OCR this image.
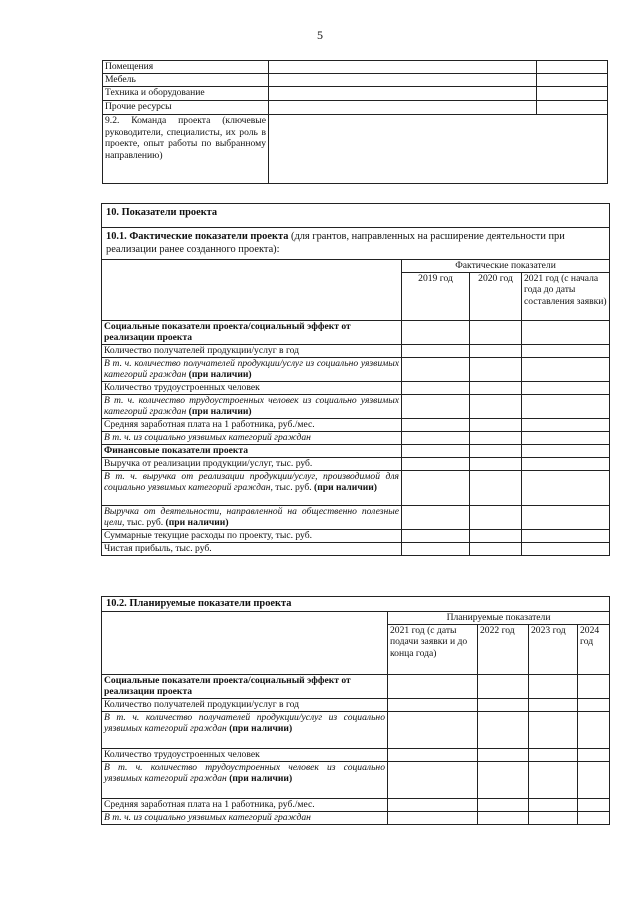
5
Помещения		
Мебель		
Техника и оборудование		
Прочие ресурсы		
9.2. Команда проекта (ключевые руководители, специалисты, их роль в проекте, опыт работы по выбранному направлению)		
10. Показатели проекта			
10.1. Фактические показатели проекта (для грантов, направленных на расширение деятельности при реализации ранее созданного проекта):			
	Фактические показатели		
	2019 год	2020 год	2021 год (с начала года до даты составления заявки)
Социальные показатели проекта/социальный эффект от реализации проекта			
Количество получателей продукции/услуг в год			
В т. ч. количество получателей продукции/услуг из социально уязвимых категорий граждан (при наличии)			
Количество трудоустроенных человек			
В т. ч. количество трудоустроенных человек из социально уязвимых категорий граждан (при наличии)			
Средняя заработная плата на 1 работника, руб./мес.			
В т. ч. из социально уязвимых категорий граждан			
Финансовые показатели проекта			
Выручка от реализации продукции/услуг, тыс. руб.			
В т. ч. выручка от реализации продукции/услуг, производимой для социально уязвимых категорий граждан, тыс. руб. (при наличии)			
Выручка от деятельности, направленной на общественно полезные цели, тыс. руб. (при наличии)			
Суммарные текущие расходы по проекту, тыс. руб.			
Чистая прибыль, тыс. руб.			
10.2. Планируемые показатели проекта				
	Планируемые показатели			
	2021 год (с даты подачи заявки и до конца года)	2022 год	2023 год	2024 год
Социальные показатели проекта/социальный эффект от реализации проекта				
Количество получателей продукции/услуг в год				
В т. ч. количество получателей продукции/услуг из социально уязвимых категорий граждан (при наличии)				
Количество трудоустроенных человек				
В т. ч. количество трудоустроенных человек из социально уязвимых категорий граждан (при наличии)				
Средняя заработная плата на 1 работника, руб./мес.				
В т. ч. из социально уязвимых категорий граждан				
